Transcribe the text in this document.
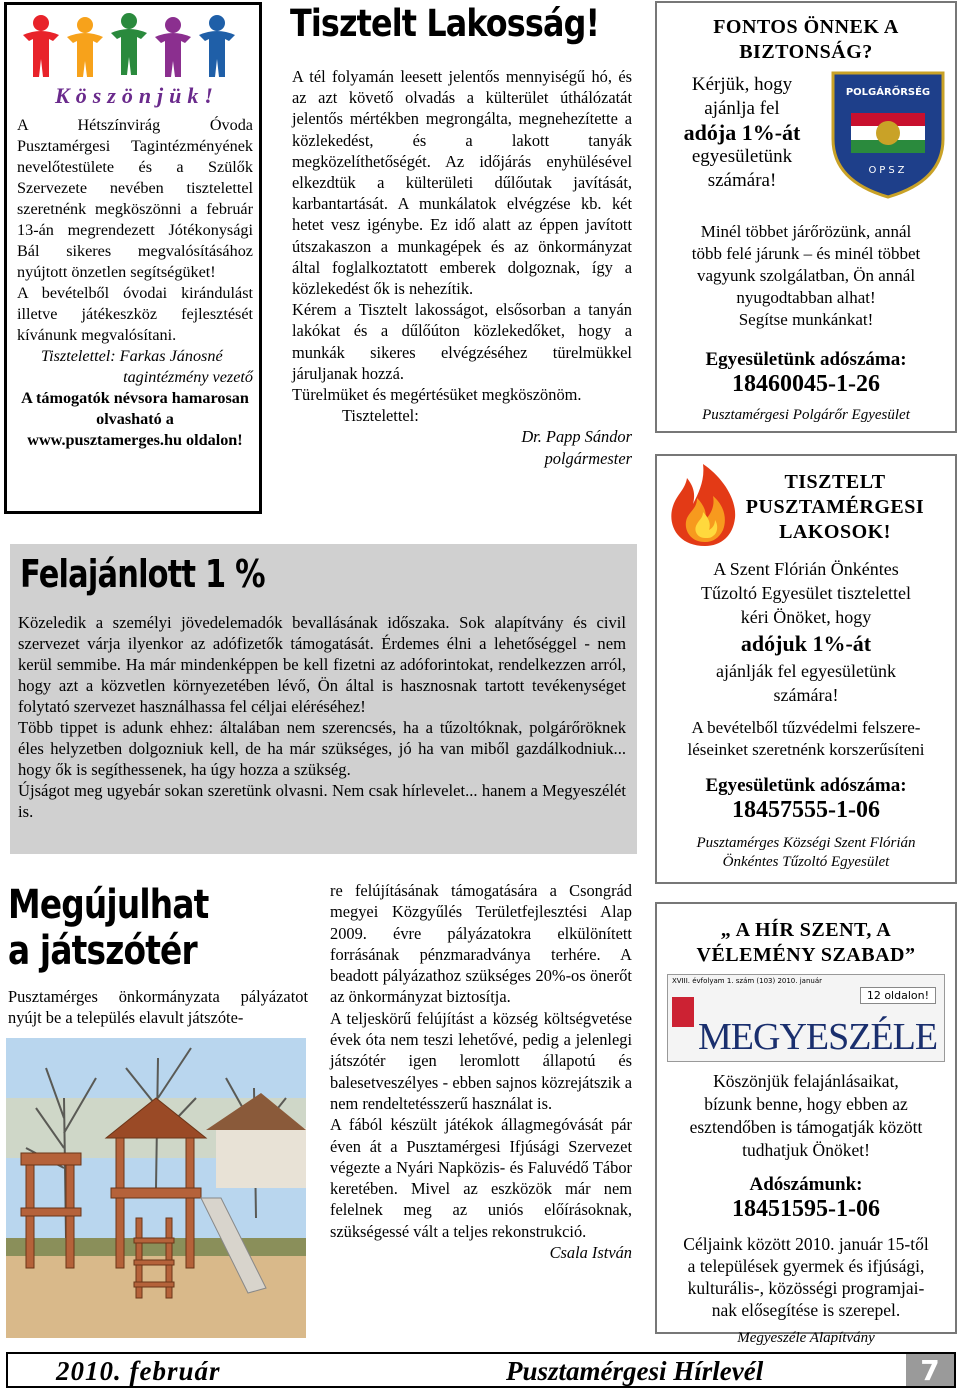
Köszönjük!

A Hétszínvirág Óvoda Pusztamérgesi Tagintézményének nevelőtestülete és a Szülők Szervezete nevében tisztelettel szeretnénk megköszönni a február 13-án megrendezett Jótékonysági Bál sikeres megvalósításához nyújtott önzetlen segítségüket!

A bevételből óvodai kirándulást illetve játékeszköz fejlesztését kívánunk megvalósítani.

Tisztelettel: Farkas Jánosné

tagintézmény vezető

A támogatók névsora hamarosan olvasható a www.pusztamerges.hu oldalon!

Tisztelt Lakosság!

A tél folyamán leesett jelentős mennyiségű hó, és az azt követő olvadás a külterület úthálózatát jelentős mértékben megrongálta, megnehezítette a közlekedést, és a lakott tanyák megközelíthetőségét. Az időjárás enyhülésével elkezdtük a külterületi dűlőutak javítását, karbantartását. A munkálatok elvégzése kb. két hetet vesz igénybe. Ez idő alatt az éppen javított útszakaszon a munkagépek és az önkormányzat által foglalkoztatott emberek dolgoznak, így a közlekedést ők is nehezítik.

Kérem a Tisztelt lakosságot, elsősorban a tanyán lakókat és a dűlőúton közlekedőket, hogy a munkák sikeres elvégzéséhez türelmükkel járuljanak hozzá.

Türelmüket és megértésüket megköszönöm.

Tisztelettel:

Dr. Papp Sándor

polgármester

Felajánlott 1 %

Közeledik a személyi jövedelemadók bevallásának időszaka. Sok alapítvány és civil szervezet várja ilyenkor az adófizetők támogatását. Érdemes élni a lehetőséggel - nem kerül semmibe. Ha már mindenképpen be kell fizetni az adóforintokat, rendelkezzen arról, hogy azt a közvetlen környezetében lévő, Ön által is hasznosnak tartott tevékenységet folytató szervezet használhassa fel céljai eléréséhez!

Több tippet is adunk ehhez: általában nem szerencsés, ha a tűzoltóknak, polgárőröknek éles helyzetben dolgozniuk kell, de ha már szükséges, jó ha van miből gazdálkodniuk... hogy ők is segíthessenek, ha úgy hozza a szükség.

Újságot meg ugyebár sokan szeretünk olvasni. Nem csak hírlevelet... hanem a Megyeszélét is.

Megújulhat
a játszótér
Pusztamérges önkormányzata pályázatot nyújt be a település elavult játszóte-

re felújításának támogatására a Csongrád megyei Közgyűlés Területfejlesztési Alap 2009. évre pályázatokra elkülönített forrásának pénzmaradványa terhére. A beadott pályázathoz szükséges 20%-os önerőt az önkormányzat biztosítja.

A teljeskörű felújítást a község költségvetése évek óta nem teszi lehetővé, pedig a jelenlegi játszótér igen leromlott állapotú és balesetveszélyes - ebben sajnos közrejátszik a nem rendeltetésszerű használat is.

A fából készült játékok állagmegóvását pár éven át a Pusztamérgesi Ifjúsági Szervezet végezte a Nyári Napközis- és Faluvédő Tábor keretében. Mivel az eszközök már nem felelnek meg az uniós előírásoknak, szükségessé vált a teljes rekonstrukció.

Csala István

FONTOS ÖNNEK A
BIZTONSÁG?
Kérjük, hogy
ajánlja fel
adója 1%-át
egyesületünk
számára!
POLGÁRŐRSÉG
OPSZ
Minél többet járőrözünk, annál
több felé járunk – és minél többet
vagyunk szolgálatban, Ön annál
nyugodtabban alhat!
Segítse munkánkat!
Egyesületünk adószáma:
18460045-1-26
Pusztamérgesi Polgárőr Egyesület
TISZTELT
PUSZTAMÉRGESI
LAKOSOK!
A Szent Flórián Önkéntes
Tűzoltó Egyesület tisztelettel
kéri Önöket, hogy
adójuk 1%-át
ajánlják fel egyesületünk
számára!
A bevételből tűzvédelmi felszere-
léseinket szeretnénk korszerűsíteni
Egyesületünk adószáma:
18457555-1-06
Pusztamérges Községi Szent Flórián
Önkéntes Tűzoltó Egyesület
„ A HÍR SZENT, A
VÉLEMÉNY SZABAD”
XVIII. évfolyam 1. szám (103) 2010. január
12 oldalon!
MEGYESZÉLE
Köszönjük felajánlásaikat,
bízunk benne, hogy ebben az
esztendőben is támogatják között
tudhatjuk Önöket!
Adószámunk:
18451595-1-06
Céljaink között 2010. január 15-től
a települések gyermek és ifjúsági,
kulturális-, közösségi programjai-
nak elősegítése is szerepel.
Megyeszéle Alapítvány
2010. február	Pusztamérgesi Hírlevél	7
